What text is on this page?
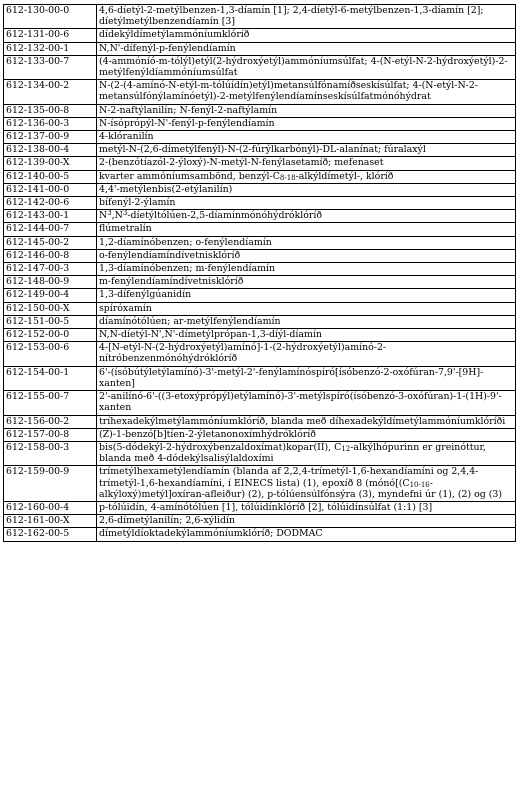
612-130-00-0	4,6-díetýl-2-metýlbenzen-1,3-díamín [1]; 2,4-díetýl-6-metýlbenzen-1,3-díamín [2]; díetýlmetýlbenzendíamín [3]
612-131-00-6	dídekýldímetýlammóníumklóríð
612-132-00-1	N,N'-dífenýl-p-fenýlendíamín
612-133-00-7	(4-ammóníó-m-tólýl)etýl(2-hýdroxýetýl)ammóníumsúlfat; 4-(N-etýl-N-2-hýdroxýetýl)-2-metýlfenýldíammóníumsúlfat
612-134-00-2	N-(2-(4-amínó-N-etýl-m-tólúídín)etýl)metansúlfónamíðseskísúlfat; 4-(N-etýl-N-2-metansúlfónýlamínóetýl)-2-metýlfenýlendíamínseskísúlfatmónóhýdrat
612-135-00-8	N-2-naftýlanilín; N-fenýl-2-naftýlamín
612-136-00-3	N-ísóprópýl-N'-fenýl-p-fenýlendíamín
612-137-00-9	4-klóranilín
612-138-00-4	metýl-N-(2,6-dímetýlfenýl)-N-(2-fúrýlkarbónýl)-DL-alanínat; fúralaxýl
612-139-00-X	2-(benzótíazól-2-ýloxý)-N-metýl-N-fenýlasetamíð; mefenaset
612-140-00-5	kvarter ammóníumsambönd, benzýl-$C_{8-18}-alkýldímetýl-$, klóríð
612-141-00-0	4,4'-metýlenbis(2-etýlanilín)
612-142-00-6	bífenýl-2-ýlamín
612-143-00-1	$N^3,N^3-díetýltólúen-2,5$-díamínmónóhýdróklóríð
612-144-00-7	flúmetralín
612-145-00-2	1,2-díamínóbenzen; o-fenýlendíamín
612-146-00-8	o-fenýlendíamíndívetnisklóríð
612-147-00-3	1,3-díamínóbenzen; m-fenýlendíamín
612-148-00-9	m-fenýlendíamíndívetnisklóríð
612-149-00-4	1,3-dífenýlgúanidín
612-150-00-X	spíróxamín
612-151-00-5	díamínótólúen; ar-metýlfenýlendíamín
612-152-00-0	N,N-díetýl-N',N'-dímetýlprópan-1,3-díýl-díamín
612-153-00-6	4-[N-etýl-N-(2-hýdroxýetýl)amínó]-1-(2-hýdroxýetýl)amínó-2-nítróbenzenmónóhýdróklóríð
612-154-00-1	6'-(ísóbútýletýlamínó)-3'-metýl-2'-fenýlamínóspíró[ísóbenzó-2-oxófúran-7,9'-[9H]-xanten]
612-155-00-7	2'-anilínó-6'-((3-etoxýprópýl)etýlamínó)-3'-metýlspíró(ísóbenzó-3-oxófúran)-1-(1H)-9'-xanten
612-156-00-2	tríhexadekýlmetýlammóníumklóríð, blanda með díhexadekýldímetýlammóníumklóríði
612-157-00-8	(Z)-1-benzó[b]tíen-2-ýletanonoxímhýdróklóríð
612-158-00-3	bis(5-dódekýl-2-hýdroxýbenzaldoxímat)kopar(II), $C_{12}$-alkýlhópurinn er greinóttur, blanda með 4-dódekýlsalisýlaldoxími
612-159-00-9	trímetýlhexametýlendíamín (blanda af 2,2,4-trímetýl-1,6-hexandíamíni og 2,4,4-trímetýl-1,6-hexandíamíni, í EINECS lista) (1), epoxíð 8 $(mónó[(C_{10-16}-alkýloxý)metýl]oxíran-afleiður)$ (2), p-tólúensúlfónsýra (3), myndefni úr (1), (2) og (3)
612-160-00-4	p-tólúidín, 4-amínótólúen [1], tólúidínklóríð [2], tólúidínsúlfat (1:1) [3]
612-161-00-X	2,6-dímetýlanilín; 2,6-xýlidín
612-162-00-5	dímetýldíoktadekýlammóníumklóríð; DODMAC
